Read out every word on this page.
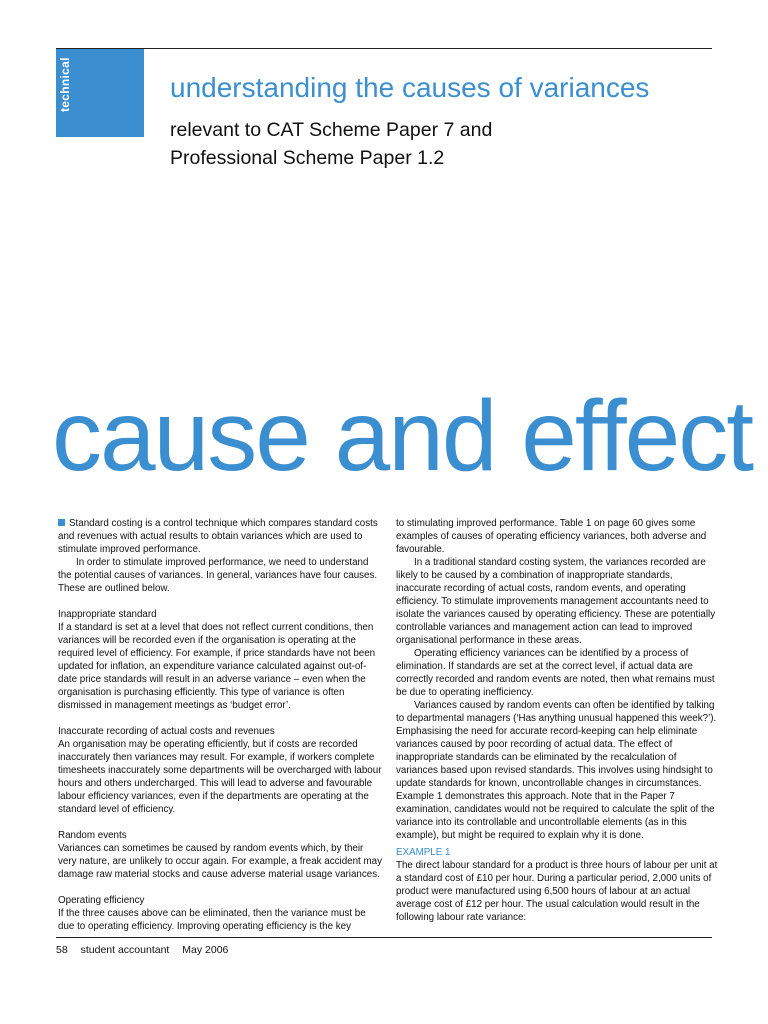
technical	understanding the causes of variances
relevant to CAT Scheme Paper 7 and
Professional Scheme Paper 1.2
cause and effect

Standard costing is a control technique which compares standard costs and revenues with actual results to obtain variances which are used to stimulate improved performance.

In order to stimulate improved performance, we need to understand the potential causes of variances. In general, variances have four causes. These are outlined below.

Inappropriate standard

If a standard is set at a level that does not reflect current conditions, then variances will be recorded even if the organisation is operating at the required level of efficiency. For example, if price standards have not been updated for inflation, an expenditure variance calculated against out-of-date price standards will result in an adverse variance – even when the organisation is purchasing efficiently. This type of variance is often dismissed in management meetings as ‘budget error’.

Inaccurate recording of actual costs and revenues

An organisation may be operating efficiently, but if costs are recorded inaccurately then variances may result. For example, if workers complete timesheets inaccurately some departments will be overcharged with labour hours and others undercharged. This will lead to adverse and favourable labour efficiency variances, even if the departments are operating at the standard level of efficiency.

Random events

Variances can sometimes be caused by random events which, by their very nature, are unlikely to occur again. For example, a freak accident may damage raw material stocks and cause adverse material usage variances.

Operating efficiency

If the three causes above can be eliminated, then the variance must be due to operating efficiency. Improving operating efficiency is the key

to stimulating improved performance. Table 1 on page 60 gives some examples of causes of operating efficiency variances, both adverse and favourable.

In a traditional standard costing system, the variances recorded are likely to be caused by a combination of inappropriate standards, inaccurate recording of actual costs, random events, and operating efficiency. To stimulate improvements management accountants need to isolate the variances caused by operating efficiency. These are potentially controllable variances and management action can lead to improved organisational performance in these areas.

Operating efficiency variances can be identified by a process of elimination. If standards are set at the correct level, if actual data are correctly recorded and random events are noted, then what remains must be due to operating inefficiency.

Variances caused by random events can often be identified by talking to departmental managers (‘Has anything unusual happened this week?’). Emphasising the need for accurate record-keeping can help eliminate variances caused by poor recording of actual data. The effect of inappropriate standards can be eliminated by the recalculation of variances based upon revised standards. This involves using hindsight to update standards for known, uncontrollable changes in circumstances. Example 1 demonstrates this approach. Note that in the Paper 7 examination, candidates would not be required to calculate the split of the variance into its controllable and uncontrollable elements (as in this example), but might be required to explain why it is done.

EXAMPLE 1

The direct labour standard for a product is three hours of labour per unit at a standard cost of £10 per hour. During a particular period, 2,000 units of product were manufactured using 6,500 hours of labour at an actual average cost of £12 per hour. The usual calculation would result in the following labour rate variance:

58 student accountant May 2006
